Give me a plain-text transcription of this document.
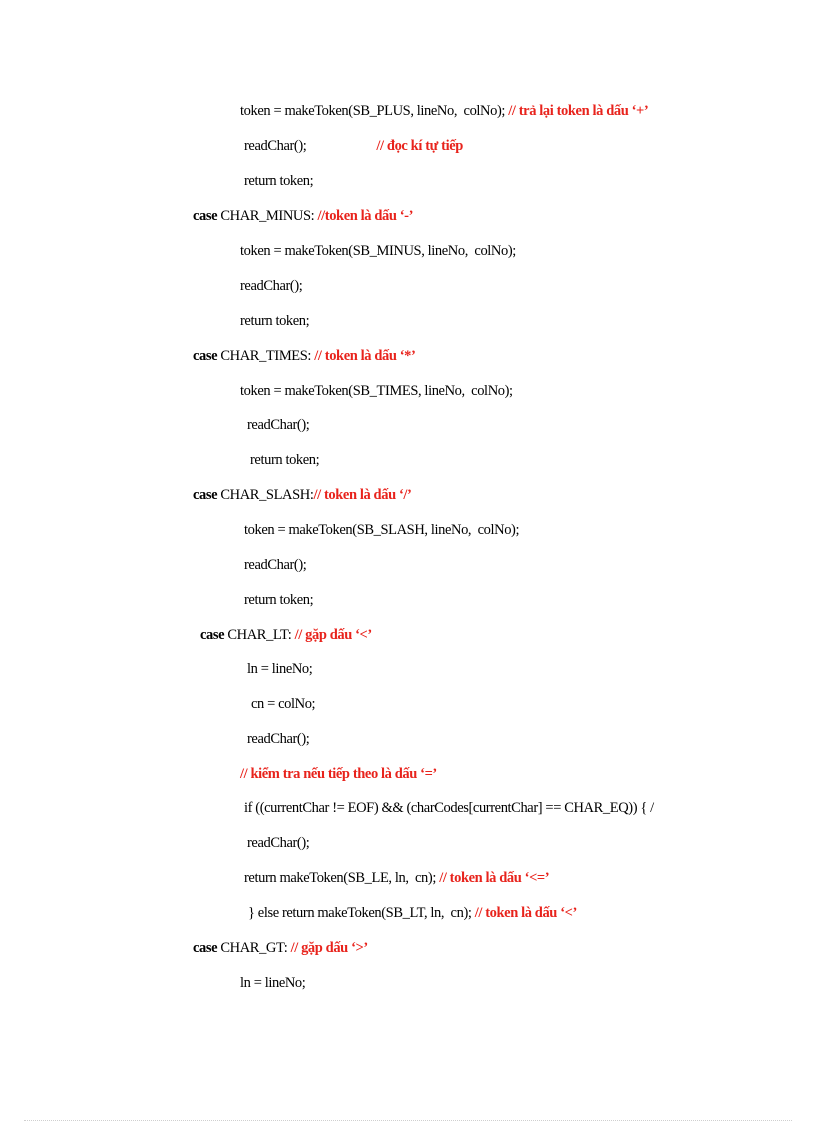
token = makeToken(SB_PLUS, lineNo,  colNo); // trả lại token là dấu ‘+’
readChar();	// đọc kí tự tiếp
return token;
case CHAR_MINUS: //token là dấu ‘-’
token = makeToken(SB_MINUS, lineNo,  colNo);
readChar();
return token;
case CHAR_TIMES: // token là dấu ‘*’
token = makeToken(SB_TIMES, lineNo,  colNo);
readChar();
return token;
case CHAR_SLASH:// token là dấu ‘/’
token = makeToken(SB_SLASH, lineNo,  colNo);
readChar();
return token;
case CHAR_LT: // gặp dấu ‘<’
ln = lineNo;
cn = colNo;
readChar();
// kiểm tra nếu tiếp theo là dấu ‘=’
if ((currentChar != EOF) && (charCodes[currentChar] == CHAR_EQ)) { /
readChar();
return makeToken(SB_LE, ln,  cn); // token là dấu ‘<=’
} else return makeToken(SB_LT, ln,  cn); // token là dấu ‘<’
case CHAR_GT: // gặp dấu ‘>’
ln = lineNo;
